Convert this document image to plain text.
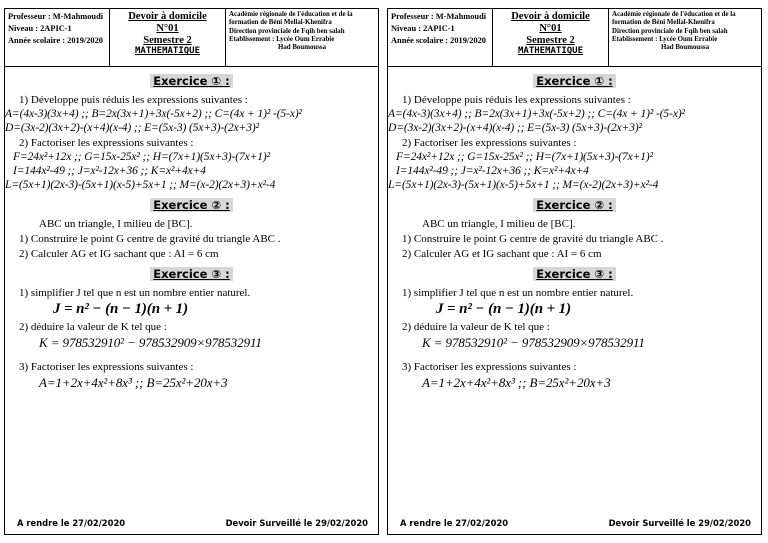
Professeur : M-Mahmoudi
Niveau : 2APIC-1
Année scolaire : 2019/2020
Devoir à domicile
N°01
Semestre 2
MATHEMATIQUE
Académie régionale de l'éducation et de la formation de Béni Mellal-Khenifra
Direction provinciale de Fqih ben salah
Etablissement : Lycée Oum Errabie
Had Boumoussa
Exercice ① :
1) Développe puis réduis les expressions suivantes :
A=(4x-3)(3x+4) ;; B=2x(3x+1)+3x(-5x+2) ;; C=(4x + 1)² -(5-x)²
D=(3x-2)(3x+2)-(x+4)(x-4) ;; E=(5x-3) (5x+3)-(2x+3)²
2) Factoriser les expressions suivantes :
F=24x²+12x ;; G=15x-25x² ;; H=(7x+1)(5x+3)-(7x+1)²
I=144x²-49 ;; J=x²-12x+36 ;; K=x²+4x+4
L=(5x+1)(2x-3)-(5x+1)(x-5)+5x+1 ;; M=(x-2)(2x+3)+x²-4
Exercice ② :
ABC un triangle, I milieu de [BC].
1) Construire le point G centre de gravité du triangle ABC .
2) Calculer AG et IG sachant que : AI = 6 cm
Exercice ③ :
1) simplifier J tel que n est un nombre entier naturel.
J = n² − (n − 1)(n + 1)
2) déduire la valeur de K tel que :
K = 978532910² − 978532909×978532911
3) Factoriser les expressions suivantes :
A=1+2x+4x²+8x³ ;; B=25x²+20x+3
A rendre le 27/02/2020	Devoir Surveillé le 29/02/2020
Professeur : M-Mahmoudi
Niveau : 2APIC-1
Année scolaire : 2019/2020
Devoir à domicile
N°01
Semestre 2
MATHEMATIQUE
Académie régionale de l'éducation et de la formation de Béni Mellal-Khenifra
Direction provinciale de Fqih ben salah
Etablissement : Lycée Oum Errabie
Had Boumoussa
Exercice ① :
1) Développe puis réduis les expressions suivantes :
A=(4x-3)(3x+4) ;; B=2x(3x+1)+3x(-5x+2) ;; C=(4x + 1)² -(5-x)²
D=(3x-2)(3x+2)-(x+4)(x-4) ;; E=(5x-3) (5x+3)-(2x+3)²
2) Factoriser les expressions suivantes :
F=24x²+12x ;; G=15x-25x² ;; H=(7x+1)(5x+3)-(7x+1)²
I=144x²-49 ;; J=x²-12x+36 ;; K=x²+4x+4
L=(5x+1)(2x-3)-(5x+1)(x-5)+5x+1 ;; M=(x-2)(2x+3)+x²-4
Exercice ② :
ABC un triangle, I milieu de [BC].
1) Construire le point G centre de gravité du triangle ABC .
2) Calculer AG et IG sachant que : AI = 6 cm
Exercice ③ :
1) simplifier J tel que n est un nombre entier naturel.
J = n² − (n − 1)(n + 1)
2) déduire la valeur de K tel que :
K = 978532910² − 978532909×978532911
3) Factoriser les expressions suivantes :
A=1+2x+4x²+8x³ ;; B=25x²+20x+3
A rendre le 27/02/2020	Devoir Surveillé le 29/02/2020
